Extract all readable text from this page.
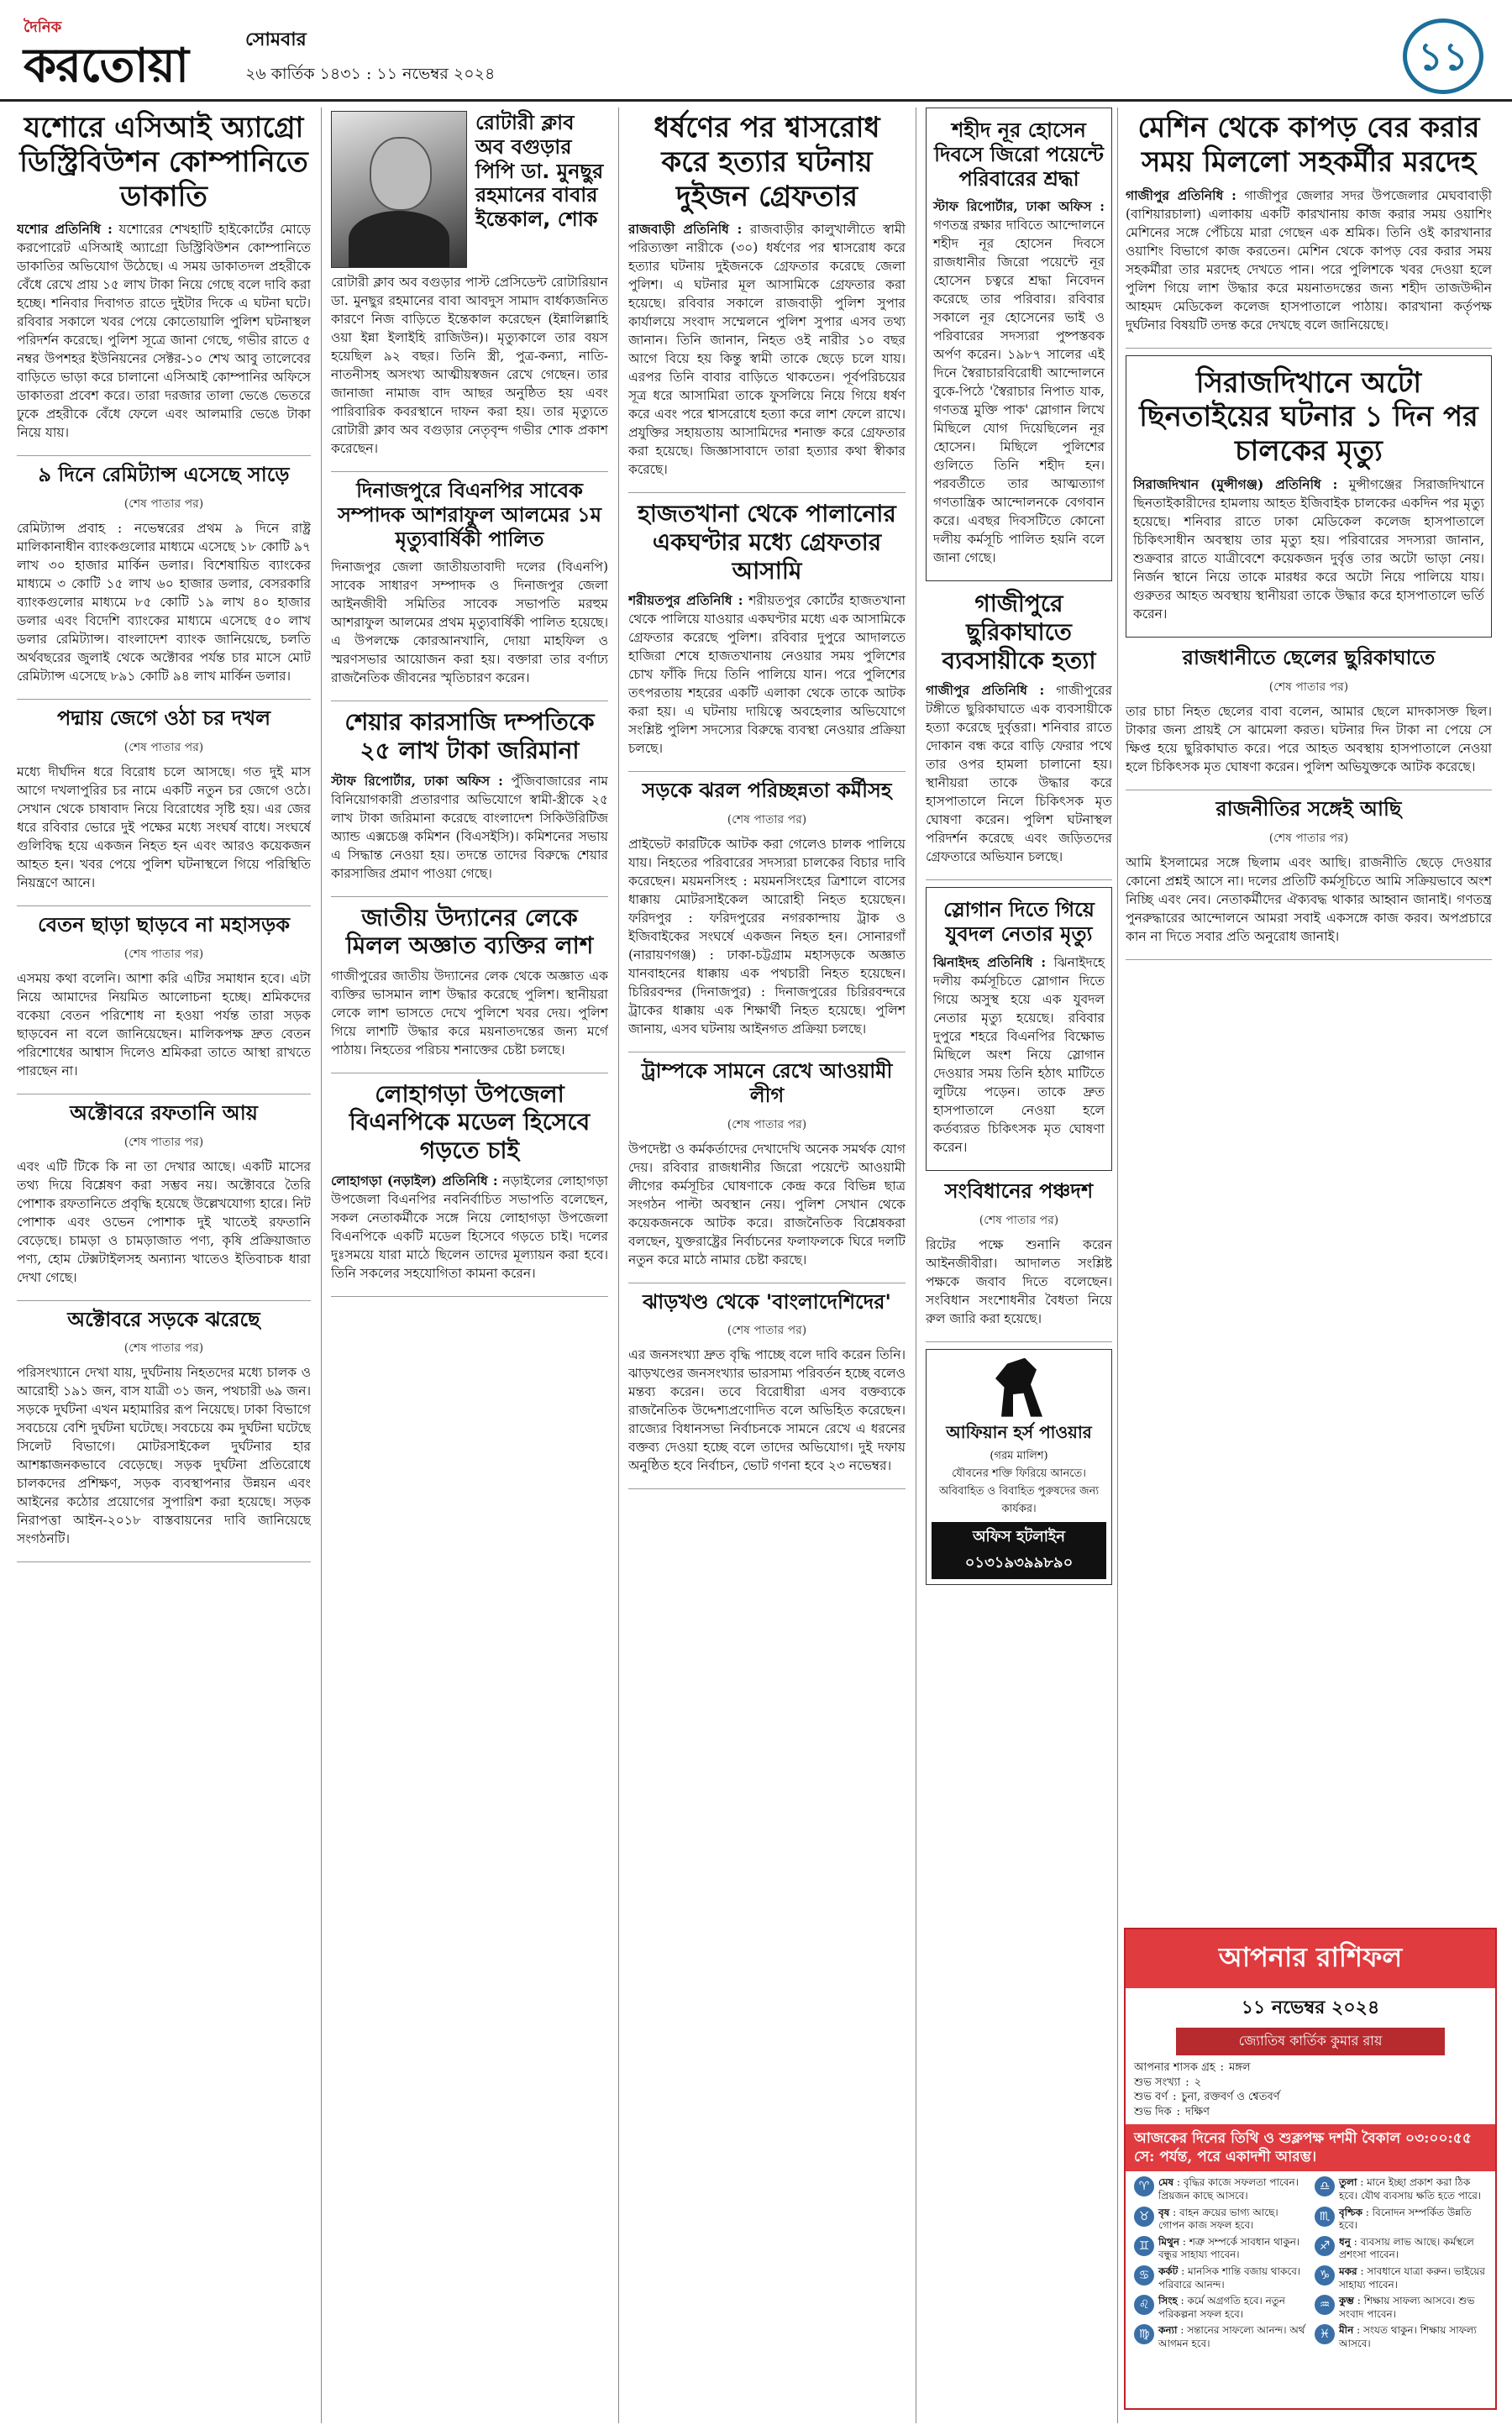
দৈনিক
করতোয়া	সোমবার
২৬ কার্তিক ১৪৩১ : ১১ নভেম্বর ২০২৪	১১
যশোরে এসিআই অ্যাগ্রো ডিস্ট্রিবিউশন কোম্পানিতে ডাকাতি

যশোর প্রতিনিধি : যশোরের শেখহাটি হাইকোর্টের মোড়ে করপোরেট এসিআই অ্যাগ্রো ডিস্ট্রিবিউশন কোম্পানিতে ডাকাতির অভিযোগ উঠেছে। এ সময় ডাকাতদল প্রহরীকে বেঁধে রেখে প্রায় ১৫ লাখ টাকা নিয়ে গেছে বলে দাবি করা হচ্ছে। শনিবার দিবাগত রাতে দুইটার দিকে এ ঘটনা ঘটে। রবিবার সকালে খবর পেয়ে কোতোয়ালি পুলিশ ঘটনাস্থল পরিদর্শন করেছে। পুলিশ সূত্রে জানা গেছে, গভীর রাতে ৫ নম্বর উপশহর ইউনিয়নের সেক্টর-১০ শেখ আবু তালেবের বাড়িতে ভাড়া করে চালানো এসিআই কোম্পানির অফিসে ডাকাতরা প্রবেশ করে। তারা দরজার তালা ভেঙে ভেতরে ঢুকে প্রহরীকে বেঁধে ফেলে এবং আলমারি ভেঙে টাকা নিয়ে যায়।

৯ দিনে রেমিট্যান্স এসেছে সাড়ে

(শেষ পাতার পর)

রেমিট্যান্স প্রবাহ : নভেম্বরের প্রথম ৯ দিনে রাষ্ট্র মালিকানাধীন ব্যাংকগুলোর মাধ্যমে এসেছে ১৮ কোটি ৯৭ লাখ ৩০ হাজার মার্কিন ডলার। বিশেষায়িত ব্যাংকের মাধ্যমে ৩ কোটি ১৫ লাখ ৬০ হাজার ডলার, বেসরকারি ব্যাংকগুলোর মাধ্যমে ৮৫ কোটি ১৯ লাখ ৪০ হাজার ডলার এবং বিদেশি ব্যাংকের মাধ্যমে এসেছে ৫০ লাখ ডলার রেমিট্যান্স। বাংলাদেশ ব্যাংক জানিয়েছে, চলতি অর্থবছরের জুলাই থেকে অক্টোবর পর্যন্ত চার মাসে মোট রেমিট্যান্স এসেছে ৮৯১ কোটি ৯৪ লাখ মার্কিন ডলার।

পদ্মায় জেগে ওঠা চর দখল

(শেষ পাতার পর)

মধ্যে দীর্ঘদিন ধরে বিরোধ চলে আসছে। গত দুই মাস আগে দখলাপুরির চর নামে একটি নতুন চর জেগে ওঠে। সেখান থেকে চাষাবাদ নিয়ে বিরোধের সৃষ্টি হয়। এর জের ধরে রবিবার ভোরে দুই পক্ষের মধ্যে সংঘর্ষ বাধে। সংঘর্ষে গুলিবিদ্ধ হয়ে একজন নিহত হন এবং আরও কয়েকজন আহত হন। খবর পেয়ে পুলিশ ঘটনাস্থলে গিয়ে পরিস্থিতি নিয়ন্ত্রণে আনে।

বেতন ছাড়া ছাড়বে না মহাসড়ক

(শেষ পাতার পর)

এসময় কথা বলেনি। আশা করি এটির সমাধান হবে। এটা নিয়ে আমাদের নিয়মিত আলোচনা হচ্ছে। শ্রমিকদের বকেয়া বেতন পরিশোধ না হওয়া পর্যন্ত তারা সড়ক ছাড়বেন না বলে জানিয়েছেন। মালিকপক্ষ দ্রুত বেতন পরিশোধের আশ্বাস দিলেও শ্রমিকরা তাতে আস্থা রাখতে পারছেন না।

অক্টোবরে রফতানি আয়

(শেষ পাতার পর)

এবং এটি টিকে কি না তা দেখার আছে। একটি মাসের তথ্য দিয়ে বিশ্লেষণ করা সম্ভব নয়। অক্টোবরে তৈরি পোশাক রফতানিতে প্রবৃদ্ধি হয়েছে উল্লেখযোগ্য হারে। নিট পোশাক এবং ওভেন পোশাক দুই খাতেই রফতানি বেড়েছে। চামড়া ও চামড়াজাত পণ্য, কৃষি প্রক্রিয়াজাত পণ্য, হোম টেক্সটাইলসহ অন্যান্য খাতেও ইতিবাচক ধারা দেখা গেছে।

অক্টোবরে সড়কে ঝরেছে

(শেষ পাতার পর)

পরিসংখ্যানে দেখা যায়, দুর্ঘটনায় নিহতদের মধ্যে চালক ও আরোহী ১৯১ জন, বাস যাত্রী ৩১ জন, পথচারী ৬৯ জন। সড়কে দুর্ঘটনা এখন মহামারির রূপ নিয়েছে। ঢাকা বিভাগে সবচেয়ে বেশি দুর্ঘটনা ঘটেছে। সবচেয়ে কম দুর্ঘটনা ঘটেছে সিলেট বিভাগে। মোটরসাইকেল দুর্ঘটনার হার আশঙ্কাজনকভাবে বেড়েছে। সড়ক দুর্ঘটনা প্রতিরোধে চালকদের প্রশিক্ষণ, সড়ক ব্যবস্থাপনার উন্নয়ন এবং আইনের কঠোর প্রয়োগের সুপারিশ করা হয়েছে। সড়ক নিরাপত্তা আইন-২০১৮ বাস্তবায়নের দাবি জানিয়েছে সংগঠনটি।

রোটারী ক্লাব অব বগুড়ার পিপি ডা. মুনছুর রহমানের বাবার ইন্তেকাল, শোক

রোটারী ক্লাব অব বগুড়ার পাস্ট প্রেসিডেন্ট রোটারিয়ান ডা. মুনছুর রহমানের বাবা আবদুস সামাদ বার্ধক্যজনিত কারণে নিজ বাড়িতে ইন্তেকাল করেছেন (ইন্নালিল্লাহি ওয়া ইন্না ইলাইহি রাজিউন)। মৃত্যুকালে তার বয়স হয়েছিল ৯২ বছর। তিনি স্ত্রী, পুত্র-কন্যা, নাতি-নাতনীসহ অসংখ্য আত্মীয়স্বজন রেখে গেছেন। তার জানাজা নামাজ বাদ আছর অনুষ্ঠিত হয় এবং পারিবারিক কবরস্থানে দাফন করা হয়। তার মৃত্যুতে রোটারী ক্লাব অব বগুড়ার নেতৃবৃন্দ গভীর শোক প্রকাশ করেছেন।

দিনাজপুরে বিএনপির সাবেক সম্পাদক আশরাফুল আলমের ১ম মৃত্যুবার্ষিকী পালিত

দিনাজপুর জেলা জাতীয়তাবাদী দলের (বিএনপি) সাবেক সাধারণ সম্পাদক ও দিনাজপুর জেলা আইনজীবী সমিতির সাবেক সভাপতি মরহুম আশরাফুল আলমের প্রথম মৃত্যুবার্ষিকী পালিত হয়েছে। এ উপলক্ষে কোরআনখানি, দোয়া মাহফিল ও স্মরণসভার আয়োজন করা হয়। বক্তারা তার বর্ণাঢ্য রাজনৈতিক জীবনের স্মৃতিচারণ করেন।

শেয়ার কারসাজি দম্পতিকে ২৫ লাখ টাকা জরিমানা

স্টাফ রিপোর্টার, ঢাকা অফিস : পুঁজিবাজারের নাম বিনিয়োগকারী প্রতারণার অভিযোগে স্বামী-স্ত্রীকে ২৫ লাখ টাকা জরিমানা করেছে বাংলাদেশ সিকিউরিটিজ অ্যান্ড এক্সচেঞ্জ কমিশন (বিএসইসি)। কমিশনের সভায় এ সিদ্ধান্ত নেওয়া হয়। তদন্তে তাদের বিরুদ্ধে শেয়ার কারসাজির প্রমাণ পাওয়া গেছে।

জাতীয় উদ্যানের লেকে মিলল অজ্ঞাত ব্যক্তির লাশ

গাজীপুরের জাতীয় উদ্যানের লেক থেকে অজ্ঞাত এক ব্যক্তির ভাসমান লাশ উদ্ধার করেছে পুলিশ। স্থানীয়রা লেকে লাশ ভাসতে দেখে পুলিশে খবর দেয়। পুলিশ গিয়ে লাশটি উদ্ধার করে ময়নাতদন্তের জন্য মর্গে পাঠায়। নিহতের পরিচয় শনাক্তের চেষ্টা চলছে।

লোহাগড়া উপজেলা বিএনপিকে মডেল হিসেবে গড়তে চাই

লোহাগড়া (নড়াইল) প্রতিনিধি : নড়াইলের লোহাগড়া উপজেলা বিএনপির নবনির্বাচিত সভাপতি বলেছেন, সকল নেতাকর্মীকে সঙ্গে নিয়ে লোহাগড়া উপজেলা বিএনপিকে একটি মডেল হিসেবে গড়তে চাই। দলের দুঃসময়ে যারা মাঠে ছিলেন তাদের মূল্যায়ন করা হবে। তিনি সকলের সহযোগিতা কামনা করেন।

ধর্ষণের পর শ্বাসরোধ করে হত্যার ঘটনায় দুইজন গ্রেফতার

রাজবাড়ী প্রতিনিধি : রাজবাড়ীর কালুখালীতে স্বামী পরিত্যক্তা নারীকে (৩০) ধর্ষণের পর শ্বাসরোধ করে হত্যার ঘটনায় দুইজনকে গ্রেফতার করেছে জেলা পুলিশ। এ ঘটনার মূল আসামিকে গ্রেফতার করা হয়েছে। রবিবার সকালে রাজবাড়ী পুলিশ সুপার কার্যালয়ে সংবাদ সম্মেলনে পুলিশ সুপার এসব তথ্য জানান। তিনি জানান, নিহত ওই নারীর ১০ বছর আগে বিয়ে হয় কিন্তু স্বামী তাকে ছেড়ে চলে যায়। এরপর তিনি বাবার বাড়িতে থাকতেন। পূর্বপরিচয়ের সূত্র ধরে আসামিরা তাকে ফুসলিয়ে নিয়ে গিয়ে ধর্ষণ করে এবং পরে শ্বাসরোধে হত্যা করে লাশ ফেলে রাখে। প্রযুক্তির সহায়তায় আসামিদের শনাক্ত করে গ্রেফতার করা হয়েছে। জিজ্ঞাসাবাদে তারা হত্যার কথা স্বীকার করেছে।

হাজতখানা থেকে পালানোর একঘণ্টার মধ্যে গ্রেফতার আসামি

শরীয়তপুর প্রতিনিধি : শরীয়তপুর কোর্টের হাজতখানা থেকে পালিয়ে যাওয়ার একঘণ্টার মধ্যে এক আসামিকে গ্রেফতার করেছে পুলিশ। রবিবার দুপুরে আদালতে হাজিরা শেষে হাজতখানায় নেওয়ার সময় পুলিশের চোখ ফাঁকি দিয়ে তিনি পালিয়ে যান। পরে পুলিশের তৎপরতায় শহরের একটি এলাকা থেকে তাকে আটক করা হয়। এ ঘটনায় দায়িত্বে অবহেলার অভিযোগে সংশ্লিষ্ট পুলিশ সদস্যের বিরুদ্ধে ব্যবস্থা নেওয়ার প্রক্রিয়া চলছে।

সড়কে ঝরল পরিচ্ছন্নতা কর্মীসহ

(শেষ পাতার পর)

প্রাইভেট কারটিকে আটক করা গেলেও চালক পালিয়ে যায়। নিহতের পরিবারের সদস্যরা চালকের বিচার দাবি করেছেন। ময়মনসিংহ : ময়মনসিংহের ত্রিশালে বাসের ধাক্কায় মোটরসাইকেল আরোহী নিহত হয়েছেন। ফরিদপুর : ফরিদপুরের নগরকান্দায় ট্রাক ও ইজিবাইকের সংঘর্ষে একজন নিহত হন। সোনারগাঁ (নারায়ণগঞ্জ) : ঢাকা-চট্টগ্রাম মহাসড়কে অজ্ঞাত যানবাহনের ধাক্কায় এক পথচারী নিহত হয়েছেন। চিরিরবন্দর (দিনাজপুর) : দিনাজপুরের চিরিরবন্দরে ট্রাকের ধাক্কায় এক শিক্ষার্থী নিহত হয়েছে। পুলিশ জানায়, এসব ঘটনায় আইনগত প্রক্রিয়া চলছে।

ট্রাম্পকে সামনে রেখে আওয়ামী লীগ

(শেষ পাতার পর)

উপদেষ্টা ও কর্মকর্তাদের দেখাদেখি অনেক সমর্থক যোগ দেয়। রবিবার রাজধানীর জিরো পয়েন্টে আওয়ামী লীগের কর্মসূচির ঘোষণাকে কেন্দ্র করে বিভিন্ন ছাত্র সংগঠন পাল্টা অবস্থান নেয়। পুলিশ সেখান থেকে কয়েকজনকে আটক করে। রাজনৈতিক বিশ্লেষকরা বলছেন, যুক্তরাষ্ট্রের নির্বাচনের ফলাফলকে ঘিরে দলটি নতুন করে মাঠে নামার চেষ্টা করছে।

ঝাড়খণ্ড থেকে 'বাংলাদেশিদের'

(শেষ পাতার পর)

এর জনসংখ্যা দ্রুত বৃদ্ধি পাচ্ছে বলে দাবি করেন তিনি। ঝাড়খণ্ডের জনসংখ্যার ভারসাম্য পরিবর্তন হচ্ছে বলেও মন্তব্য করেন। তবে বিরোধীরা এসব বক্তব্যকে রাজনৈতিক উদ্দেশ্যপ্রণোদিত বলে অভিহিত করেছেন। রাজ্যের বিধানসভা নির্বাচনকে সামনে রেখে এ ধরনের বক্তব্য দেওয়া হচ্ছে বলে তাদের অভিযোগ। দুই দফায় অনুষ্ঠিত হবে নির্বাচন, ভোট গণনা হবে ২৩ নভেম্বর।

শহীদ নূর হোসেন দিবসে জিরো পয়েন্টে পরিবারের শ্রদ্ধা

স্টাফ রিপোর্টার, ঢাকা অফিস : গণতন্ত্র রক্ষার দাবিতে আন্দোলনে শহীদ নূর হোসেন দিবসে রাজধানীর জিরো পয়েন্টে নূর হোসেন চত্বরে শ্রদ্ধা নিবেদন করেছে তার পরিবার। রবিবার সকালে নূর হোসেনের ভাই ও পরিবারের সদস্যরা পুষ্পস্তবক অর্পণ করেন। ১৯৮৭ সালের এই দিনে স্বৈরাচারবিরোধী আন্দোলনে বুকে-পিঠে 'স্বৈরাচার নিপাত যাক, গণতন্ত্র মুক্তি পাক' স্লোগান লিখে মিছিলে যোগ দিয়েছিলেন নূর হোসেন। মিছিলে পুলিশের গুলিতে তিনি শহীদ হন। পরবর্তীতে তার আত্মত্যাগ গণতান্ত্রিক আন্দোলনকে বেগবান করে। এবছর দিবসটিতে কোনো দলীয় কর্মসূচি পালিত হয়নি বলে জানা গেছে।

গাজীপুরে ছুরিকাঘাতে ব্যবসায়ীকে হত্যা

গাজীপুর প্রতিনিধি : গাজীপুরের টঙ্গীতে ছুরিকাঘাতে এক ব্যবসায়ীকে হত্যা করেছে দুর্বৃত্তরা। শনিবার রাতে দোকান বন্ধ করে বাড়ি ফেরার পথে তার ওপর হামলা চালানো হয়। স্থানীয়রা তাকে উদ্ধার করে হাসপাতালে নিলে চিকিৎসক মৃত ঘোষণা করেন। পুলিশ ঘটনাস্থল পরিদর্শন করেছে এবং জড়িতদের গ্রেফতারে অভিযান চলছে।

স্লোগান দিতে গিয়ে যুবদল নেতার মৃত্যু

ঝিনাইদহ প্রতিনিধি : ঝিনাইদহে দলীয় কর্মসূচিতে স্লোগান দিতে গিয়ে অসুস্থ হয়ে এক যুবদল নেতার মৃত্যু হয়েছে। রবিবার দুপুরে শহরে বিএনপির বিক্ষোভ মিছিলে অংশ নিয়ে স্লোগান দেওয়ার সময় তিনি হঠাৎ মাটিতে লুটিয়ে পড়েন। তাকে দ্রুত হাসপাতালে নেওয়া হলে কর্তব্যরত চিকিৎসক মৃত ঘোষণা করেন।

সংবিধানের পঞ্চদশ

(শেষ পাতার পর)

রিটের পক্ষে শুনানি করেন আইনজীবীরা। আদালত সংশ্লিষ্ট পক্ষকে জবাব দিতে বলেছেন। সংবিধান সংশোধনীর বৈধতা নিয়ে রুল জারি করা হয়েছে।

আফিয়ান হর্স পাওয়ার
(গরম মালিশ)
যৌবনের শক্তি ফিরিয়ে আনতে। অবিবাহিত ও বিবাহিত পুরুষদের জন্য কার্যকর।
অফিস হটলাইন ০১৩১৯৩৯৯৮৯০
মেশিন থেকে কাপড় বের করার সময় মিললো সহকর্মীর মরদেহ

গাজীপুর প্রতিনিধি : গাজীপুর জেলার সদর উপজেলার মেঘবাবাড়ী (বাশিয়ারচালা) এলাকায় একটি কারখানায় কাজ করার সময় ওয়াশিং মেশিনের সঙ্গে পেঁচিয়ে মারা গেছেন এক শ্রমিক। তিনি ওই কারখানার ওয়াশিং বিভাগে কাজ করতেন। মেশিন থেকে কাপড় বের করার সময় সহকর্মীরা তার মরদেহ দেখতে পান। পরে পুলিশকে খবর দেওয়া হলে পুলিশ গিয়ে লাশ উদ্ধার করে ময়নাতদন্তের জন্য শহীদ তাজউদ্দীন আহমদ মেডিকেল কলেজ হাসপাতালে পাঠায়। কারখানা কর্তৃপক্ষ দুর্ঘটনার বিষয়টি তদন্ত করে দেখছে বলে জানিয়েছে।

সিরাজদিখানে অটো ছিনতাইয়ের ঘটনার ১ দিন পর চালকের মৃত্যু

সিরাজদিখান (মুন্সীগঞ্জ) প্রতিনিধি : মুন্সীগঞ্জের সিরাজদিখানে ছিনতাইকারীদের হামলায় আহত ইজিবাইক চালকের একদিন পর মৃত্যু হয়েছে। শনিবার রাতে ঢাকা মেডিকেল কলেজ হাসপাতালে চিকিৎসাধীন অবস্থায় তার মৃত্যু হয়। পরিবারের সদস্যরা জানান, শুক্রবার রাতে যাত্রীবেশে কয়েকজন দুর্বৃত্ত তার অটো ভাড়া নেয়। নির্জন স্থানে নিয়ে তাকে মারধর করে অটো নিয়ে পালিয়ে যায়। গুরুতর আহত অবস্থায় স্থানীয়রা তাকে উদ্ধার করে হাসপাতালে ভর্তি করেন।

রাজধানীতে ছেলের ছুরিকাঘাতে

(শেষ পাতার পর)

তার চাচা নিহত ছেলের বাবা বলেন, আমার ছেলে মাদকাসক্ত ছিল। টাকার জন্য প্রায়ই সে ঝামেলা করত। ঘটনার দিন টাকা না পেয়ে সে ক্ষিপ্ত হয়ে ছুরিকাঘাত করে। পরে আহত অবস্থায় হাসপাতালে নেওয়া হলে চিকিৎসক মৃত ঘোষণা করেন। পুলিশ অভিযুক্তকে আটক করেছে।

রাজনীতির সঙ্গেই আছি

(শেষ পাতার পর)

আমি ইসলামের সঙ্গে ছিলাম এবং আছি। রাজনীতি ছেড়ে দেওয়ার কোনো প্রশ্নই আসে না। দলের প্রতিটি কর্মসূচিতে আমি সক্রিয়ভাবে অংশ নিচ্ছি এবং নেব। নেতাকর্মীদের ঐক্যবদ্ধ থাকার আহ্বান জানাই। গণতন্ত্র পুনরুদ্ধারের আন্দোলনে আমরা সবাই একসঙ্গে কাজ করব। অপপ্রচারে কান না দিতে সবার প্রতি অনুরোধ জানাই।

আপনার রাশিফল
১১ নভেম্বর ২০২৪
জ্যোতিষ কার্তিক কুমার রায়
আপনার শাসক গ্রহ : মঙ্গল
শুভ সংখ্যা : ২
শুভ বর্ণ : চুনা, রক্তবর্ণ ও শ্বেতবর্ণ
শুভ দিক : দক্ষিণ
আজকের দিনের তিথি ও শুক্লপক্ষ দশমী বৈকাল ০৩:০০:৫৫ সে: পর্যন্ত, পরে একাদশী আরম্ভ।
♈ মেষ : বৃদ্ধির কাজে সফলতা পাবেন। প্রিয়জন কাছে আসবে।
♎ তুলা : মানে ইচ্ছা প্রকাশ করা ঠিক হবে। যৌথ ব্যবসায় ক্ষতি হতে পারে।
♉ বৃষ : বাহন ক্রয়ের ভাগ্য আছে। গোপন কাজ সফল হবে।
♏ বৃশ্চিক : বিনোদন সম্পর্কিত উন্নতি হবে।
♊ মিথুন : শত্রু সম্পর্কে সাবধান থাকুন। বন্ধুর সাহায্য পাবেন।
♐ ধনু : ব্যবসায় লাভ আছে। কর্মস্থলে প্রশংসা পাবেন।
♋ কর্কট : মানসিক শান্তি বজায় থাকবে। পরিবারে আনন্দ।
♑ মকর : সাবধানে যাত্রা করুন। ভাইয়ের সাহায্য পাবেন।
♌ সিংহ : কর্মে অগ্রগতি হবে। নতুন পরিকল্পনা সফল হবে।
♒ কুম্ভ : শিক্ষায় সাফল্য আসবে। শুভ সংবাদ পাবেন।
♍ কন্যা : সন্তানের সাফল্যে আনন্দ। অর্থ আগমন হবে।
♓ মীন : সংযত থাকুন। শিক্ষায় সাফল্য আসবে।
